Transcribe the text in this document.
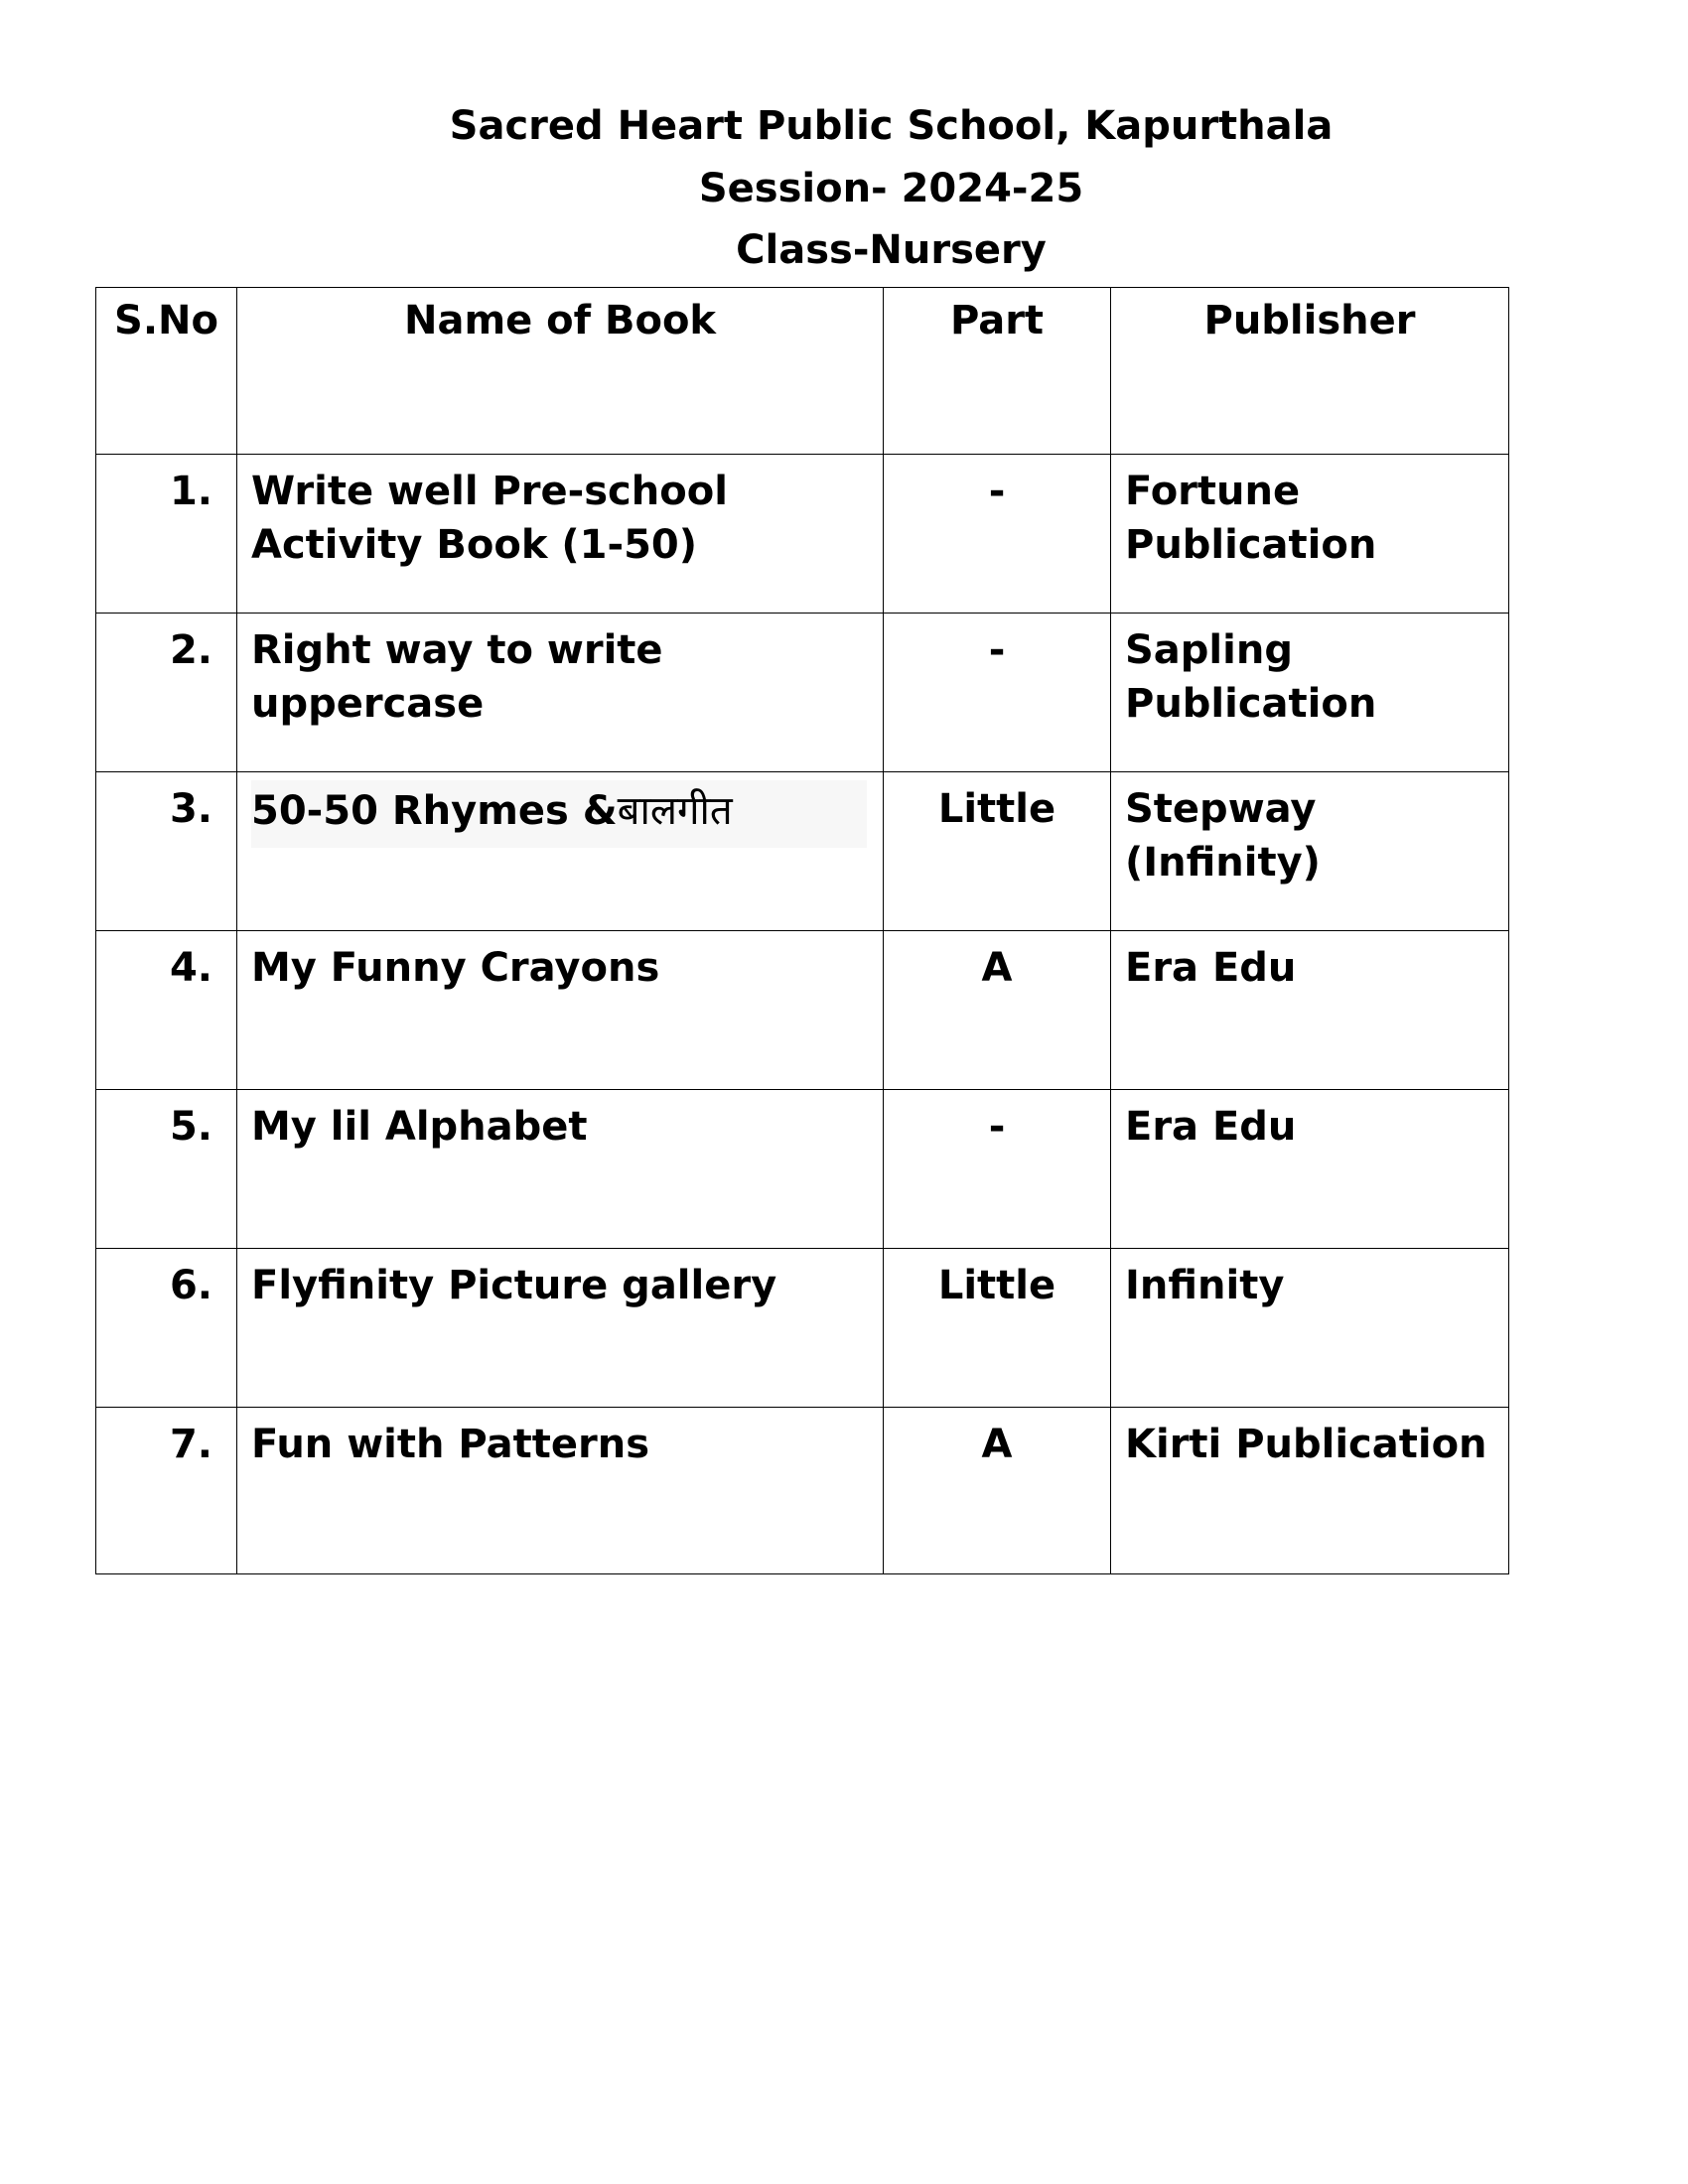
Sacred Heart Public School, Kapurthala
Session- 2024-25
Class-Nursery
S.No	Name of Book	Part	Publisher
1.	Write well Pre-school Activity Book (1-50)	-	Fortune Publication
2.	Right way to write uppercase	-	Sapling Publication
3.	50-50 Rhymes &बालगीत	Little	Stepway (Infinity)
4.	My Funny Crayons	A	Era Edu
5.	My lil Alphabet	-	Era Edu
6.	Flyfinity Picture gallery	Little	Infinity
7.	Fun with Patterns	A	Kirti Publication
